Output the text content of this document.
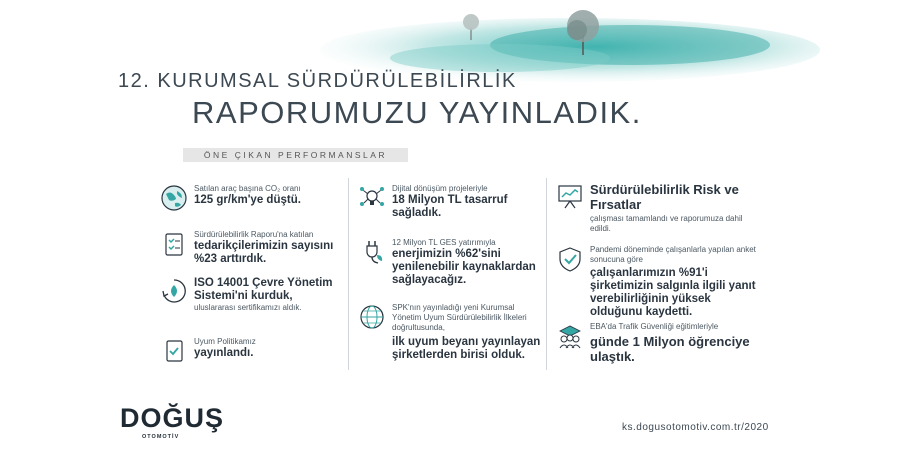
12. KURUMSAL SÜRDÜRÜLEBİLİRLİK
RAPORUMUZU YAYINLADIK.
ÖNE ÇIKAN PERFORMANSLAR
Satılan araç başına CO₂ oranı
125 gr/km'ye düştü.
Sürdürülebilirlik Raporu'na katılan
tedarikçilerimizin sayısını %23 arttırdık.
ISO 14001 Çevre Yönetim Sistemi'ni kurduk,
uluslararası sertifikamızı aldık.
Uyum Politikamız
yayınlandı.
Dijital dönüşüm projeleriyle
18 Milyon TL tasarruf sağladık.
12 Milyon TL GES yatırımıyla
enerjimizin %62'sini yenilenebilir kaynaklardan sağlayacağız.
SPK'nın yayınladığı yeni Kurumsal Yönetim Uyum Sürdürülebilirlik İlkeleri doğrultusunda,
ilk uyum beyanı yayınlayan şirketlerden birisi olduk.
Sürdürülebilirlik Risk ve Fırsatlar
çalışması tamamlandı ve raporumuza dahil edildi.
Pandemi döneminde çalışanlarla yapılan anket sonucuna göre
çalışanlarımızın %91'i şirketimizin salgınla ilgili yanıt verebilirliğinin yüksek olduğunu kaydetti.
EBA'da Trafik Güvenliği eğitimleriyle
günde 1 Milyon öğrenciye ulaştık.
DOĞUŞ
OTOMOTİV
ks.dogusotomotiv.com.tr/2020
